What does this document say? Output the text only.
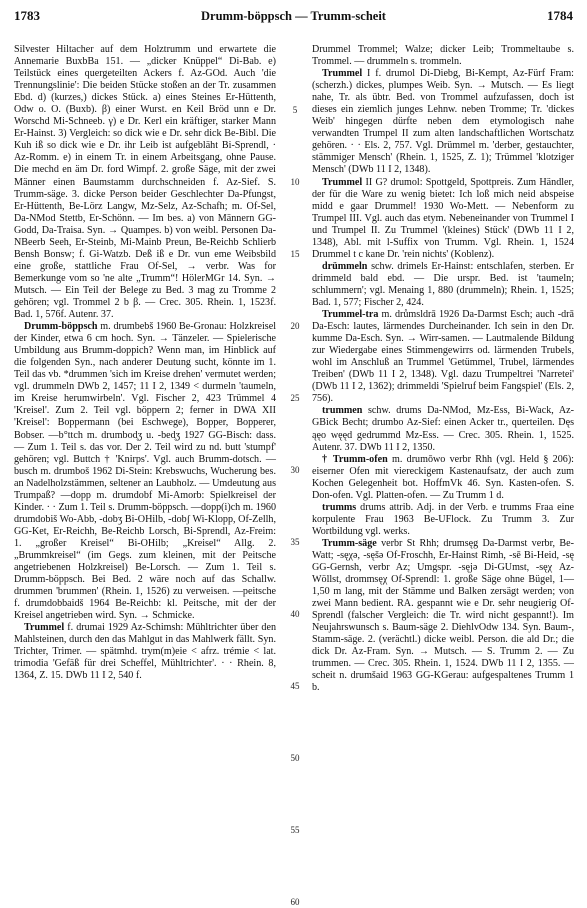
1783	Drumm-böppsch — Trumm-scheit	1784

Silvester Hiltacher auf dem Holztrumm und erwartete die Annemarie BuxbBa 151. — „dicker Knüppel“ Di-Bab. e) Teilstück eines quergeteilten Ackers f. Az-GOd. Auch 'die Trennungslinie': Die beiden Stücke stoßen an der Tr. zusammen Ebd. d) (kurzes,) dickes Stück. a) eines Steines Er-Hüttenth, Odw o. O. (Buxb). β) einer Wurst. en Keil Bröd unn e Dr. Worschd Mi-Schneeb. γ) e Dr. Kerl ein kräftiger, starker Mann Er-Hainst. 3) Vergleich: so dick wie e Dr. sehr dick Be-Bibl. Die Kuh iß so dick wie e Dr. ihr Leib ist aufgebläht Bi-Sprendl, · Az-Romm. e) in einem Tr. in einem Arbeitsgang, ohne Pause. Die mechd en äm Dr. ford Wimpf. 2. große Säge, mit der zwei Männer einen Baumstamm durchschneiden f. Az-Sief. S. Trumm-säge. 3. dicke Person beider Geschlechter Da-Pfungst, Er-Hüttenth, Be-Lörz Langw, Mz-Selz, Az-Schafh; m. Of-Sel, Da-NMod Stettb, Er-Schönn. — Im bes. a) von Männern GG-Godd, Da-Traisa. Syn. → Quampes. b) von weibl. Personen Da-NBeerb Seeh, Er-Steinb, Mi-Mainb Preun, Be-Reichb Schlierb Bensh Bonsw; f. Gi-Watzb. Deß iß e Dr. vun eme Weibsbild eine große, stattliche Frau Of-Sel, → verbr. Was for Bemerkunge vom so 'ne alte „Trumm“! HölerMGr 14. Syn. → Mutsch. — Ein Teil der Belege zu Bed. 3 mag zu Tromme 2 gehören; vgl. Trommel 2 b β. — Crec. 305. Rhein. 1, 1523f. Bad. 1, 576f. Autenr. 37.

Drumm-böppsch m. drumbebš 1960 Be-Gronau: Holzkreisel der Kinder, etwa 6 cm hoch. Syn. → Tänzeler. — Spielerische Umbildung aus Brumm-doppich? Wenn man, im Hinblick auf die folgenden Syn., nach anderer Deutung sucht, könnte im 1. Teil das vb. *drummen 'sich im Kreise drehen' vermutet werden; vgl. drummeln DWb 2, 1457; 11 I 2, 1349 < durmeln 'taumeln, im Kreise herumwirbeln'. Vgl. Fischer 2, 423 Trümmel 4 'Kreisel'. Zum 2. Teil vgl. böppern 2; ferner in DWA XII 'Kreisel': Boppermann (bei Eschwege), Bopper, Bopperer, Bobser. —b°ttch m. drumbod̥ʒ u. -bed̥ʒ 1927 GG-Bisch: dass. — Zum 1. Teil s. das vor. Der 2. Teil wird zu nd. butt 'stumpf' gehören; vgl. Buttch † 'Knirps'. Vgl. auch Brumm-dotsch. —busch m. drumboš 1962 Di-Stein: Krebswuchs, Wucherung bes. an Nadelholzstämmen, seltener an Laubholz. — Umdeutung aus Trumpaß? —dopp m. drumdobf Mi-Amorb: Spielkreisel der Kinder. · · Zum 1. Teil s. Drumm-böppsch. —dopp(i)ch m. 1960 drumdobiš Wo-Abb, -dobʒ Bi-OHilb, -dobʃ Wi-Klopp, Of-Zellh, GG-Ket, Er-Reichh, Be-Reichb Lorsch, Bi-Sprendl, Az-Freim: 1. „großer Kreisel“ Bi-OHilb; „Kreisel“ Allg. 2. „Brummkreisel“ (im Gegs. zum kleinen, mit der Peitsche angetriebenen Holzkreisel) Be-Lorsch. — Zum 1. Teil s. Drumm-böppsch. Bei Bed. 2 wäre noch auf das Schallw. drummen 'brummen' (Rhein. 1, 1526) zu verweisen. —peitsche f. drumdobbaidš 1964 Be-Reichb: kl. Peitsche, mit der der Kreisel angetrieben wird. Syn. → Schmicke.

Trummel f. drumai 1929 Az-Schimsh: Mühltrichter über den Mahlsteinen, durch den das Mahlgut in das Mahlwerk fällt. Syn. Trichter, Trimer. — spätmhd. trym(m)eie < afrz. trémie < lat. trimodia 'Gefäß für drei Scheffel, Mühltrichter'. · · Rhein. 8, 1364, Z. 15. DWb 11 I 2, 540 f.

5
10
15
20
25
30
35
40
45
50
55
60

Drummel Trommel; Walze; dicker Leib; Trommeltaube s. Trommel. — drummeln s. trommeln.

Trummel I f. drumol Di-Diebg, Bi-Kempt, Az-Fürf Fram: (scherzh.) dickes, plumpes Weib. Syn. → Mutsch. — Es liegt nahe, Tr. als übtr. Bed. von Trommel aufzufassen, doch ist dieses ein ziemlich junges Lehnw. neben Tromme; Tr. 'dickes Weib' hingegen dürfte neben dem etymologisch nahe verwandten Trumpel II zum alten landschaftlichen Wortschatz gehören. · · Els. 2, 757. Vgl. Drümmel m. 'derber, gestauchter, stämmiger Mensch' (Rhein. 1, 1525, Z. 1); Trümmel 'klotziger Mensch' (DWb 11 I 2, 1348).

Trummel II G? drumol: Spottgeld, Spottpreis. Zum Händler, der für die Ware zu wenig bietet: Ich loß mich neid abspeise midd e gaar Drummel! 1930 Wo-Mett. — Nebenform zu Trumpel III. Vgl. auch das etym. Nebeneinander von Trummel I und Trumpel II. Zu Trummel '(kleines) Stück' (DWb 11 I 2, 1348), Abl. mit l-Suffix von Trumm. Vgl. Rhein. 1, 1524 Drummel t c kane Dr. 'rein nichts' (Koblenz).

drümmeln schw. drimels Er-Hainst: entschlafen, sterben. Er drimmeld bald ebd. — Die urspr. Bed. ist 'taumeln; schlummern'; vgl. Menaing 1, 880 (drummeln); Rhein. 1, 1525; Bad. 1, 577; Fischer 2, 424.

Trummel-tra m. drůmsldrā 1926 Da-Darmst Esch; auch -drā Da-Esch: lautes, lärmendes Durcheinander. Ich sein in den Dr. kumme Da-Esch. Syn. → Wirr-samen. — Lautmalende Bildung zur Wiedergabe eines Stimmengewirrs od. lärmenden Trubels, wohl im Anschluß an Trummel 'Getümmel, Trubel, lärmendes Treiben' (DWb 11 I 2, 1348). Vgl. dazu Trumpeltrei 'Narretei' (DWb 11 I 2, 1362); drimmeldi 'Spielruf beim Fangspiel' (Els. 2, 756).

trummen schw. drums Da-NMod, Mz-Ess, Bi-Wack, Az-GBick Becht; drumbo Az-Sief: einen Acker tr., querteilen. Dęs ąęo węęd gedrummd Mz-Ess. — Crec. 305. Rhein. 1, 1525. Autenr. 37. DWb 11 I 2, 1350.

† Trumm-ofen m. drumōwo verbr Rhh (vgl. Held § 206): eiserner Ofen mit viereckigem Kastenaufsatz, der auch zum Kochen Gelegenheit bot. HoffmVk 46. Syn. Kasten-ofen. S. Don-ofen. Vgl. Platten-ofen. — Zu Trumm 1 d.

trumms drums attrib. Adj. in der Verb. e trumms Fraa eine korpulente Frau 1963 Be-UFlock. Zu Trumm 3. Zur Wortbildung vgl. werks.

Trumm-säge verbr St Rhh; drumsęg Da-Darmst verbr, Be-Watt; -sęχə, -sęšə Of-Froschh, Er-Hainst Rimh, -sē Bi-Heid, -sę GG-Gernsh, verbr Az; Umgspr. -sęjə Di-GUmst, -sęχ Az-Wöllst, drommsęχ Of-Sprendl: 1. große Säge ohne Bügel, 1—1,50 m lang, mit der Stämme und Balken zersägt werden; von zwei Mann bedient. RA. gespannt wie e Dr. sehr neugierig Of-Sprendl (falscher Vergleich: die Tr. wird nicht gespannt!). Im Neujahrswunsch s. Baum-säge 2. DiehlvOdw 134. Syn. Baum-, Stamm-säge. 2. (verächtl.) dicke weibl. Person. die ald Dr.; die dick Dr. Az-Fram. Syn. → Mutsch. — S. Trumm 2. — Zu trummen. — Crec. 305. Rhein. 1, 1524. DWb 11 I 2, 1355. —scheit n. drumšaid 1963 GG-KGerau: aufgespaltenes Trumm 1 b.
